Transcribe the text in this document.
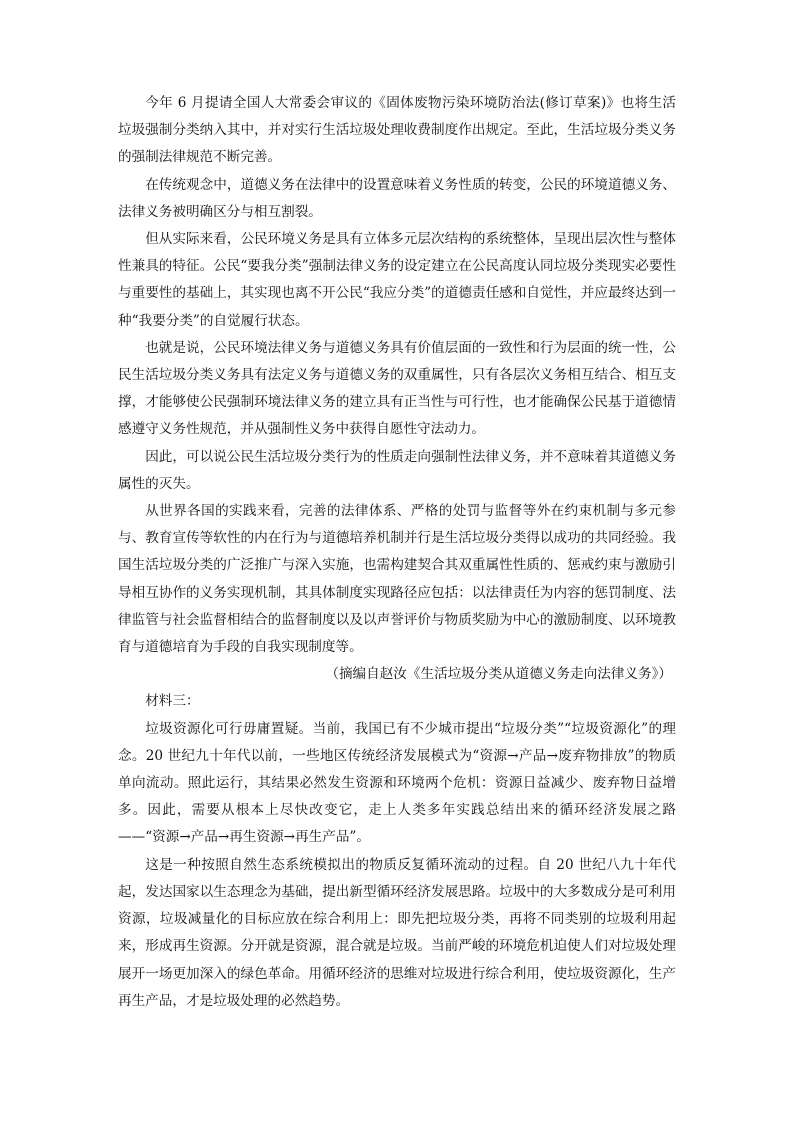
今年 6 月提请全国人大常委会审议的《固体废物污染环境防治法(修订草案)》也将生活垃圾强制分类纳入其中，并对实行生活垃圾处理收费制度作出规定。至此，生活垃圾分类义务的强制法律规范不断完善。

在传统观念中，道德义务在法律中的设置意味着义务性质的转变，公民的环境道德义务、法律义务被明确区分与相互割裂。

但从实际来看，公民环境义务是具有立体多元层次结构的系统整体，呈现出层次性与整体性兼具的特征。公民“要我分类”强制法律义务的设定建立在公民高度认同垃圾分类现实必要性与重要性的基础上，其实现也离不开公民“我应分类”的道德责任感和自觉性，并应最终达到一种“我要分类”的自觉履行状态。

也就是说，公民环境法律义务与道德义务具有价值层面的一致性和行为层面的统一性，公民生活垃圾分类义务具有法定义务与道德义务的双重属性，只有各层次义务相互结合、相互支撑，才能够使公民强制环境法律义务的建立具有正当性与可行性，也才能确保公民基于道德情感遵守义务性规范，并从强制性义务中获得自愿性守法动力。

因此，可以说公民生活垃圾分类行为的性质走向强制性法律义务，并不意味着其道德义务属性的灭失。

从世界各国的实践来看，完善的法律体系、严格的处罚与监督等外在约束机制与多元参与、教育宣传等软性的内在行为与道德培养机制并行是生活垃圾分类得以成功的共同经验。我国生活垃圾分类的广泛推广与深入实施，也需构建契合其双重属性性质的、惩戒约束与激励引导相互协作的义务实现机制，其具体制度实现路径应包括：以法律责任为内容的惩罚制度、法律监管与社会监督相结合的监督制度以及以声誉评价与物质奖励为中心的激励制度、以环境教育与道德培育为手段的自我实现制度等。

（摘编自赵汝《生活垃圾分类从道德义务走向法律义务》）

材料三：

垃圾资源化可行毋庸置疑。当前，我国已有不少城市提出“垃圾分类”“垃圾资源化”的理念。20 世纪九十年代以前，一些地区传统经济发展模式为“资源→产品→废弃物排放”的物质单向流动。照此运行，其结果必然发生资源和环境两个危机：资源日益减少、废弃物日益增多。因此，需要从根本上尽快改变它，走上人类多年实践总结出来的循环经济发展之路——“资源→产品→再生资源→再生产品”。

这是一种按照自然生态系统模拟出的物质反复循环流动的过程。自 20 世纪八九十年代起，发达国家以生态理念为基础，提出新型循环经济发展思路。垃圾中的大多数成分是可利用资源，垃圾减量化的目标应放在综合利用上：即先把垃圾分类，再将不同类别的垃圾利用起来，形成再生资源。分开就是资源，混合就是垃圾。当前严峻的环境危机迫使人们对垃圾处理展开一场更加深入的绿色革命。用循环经济的思维对垃圾进行综合利用，使垃圾资源化，生产再生产品，才是垃圾处理的必然趋势。
